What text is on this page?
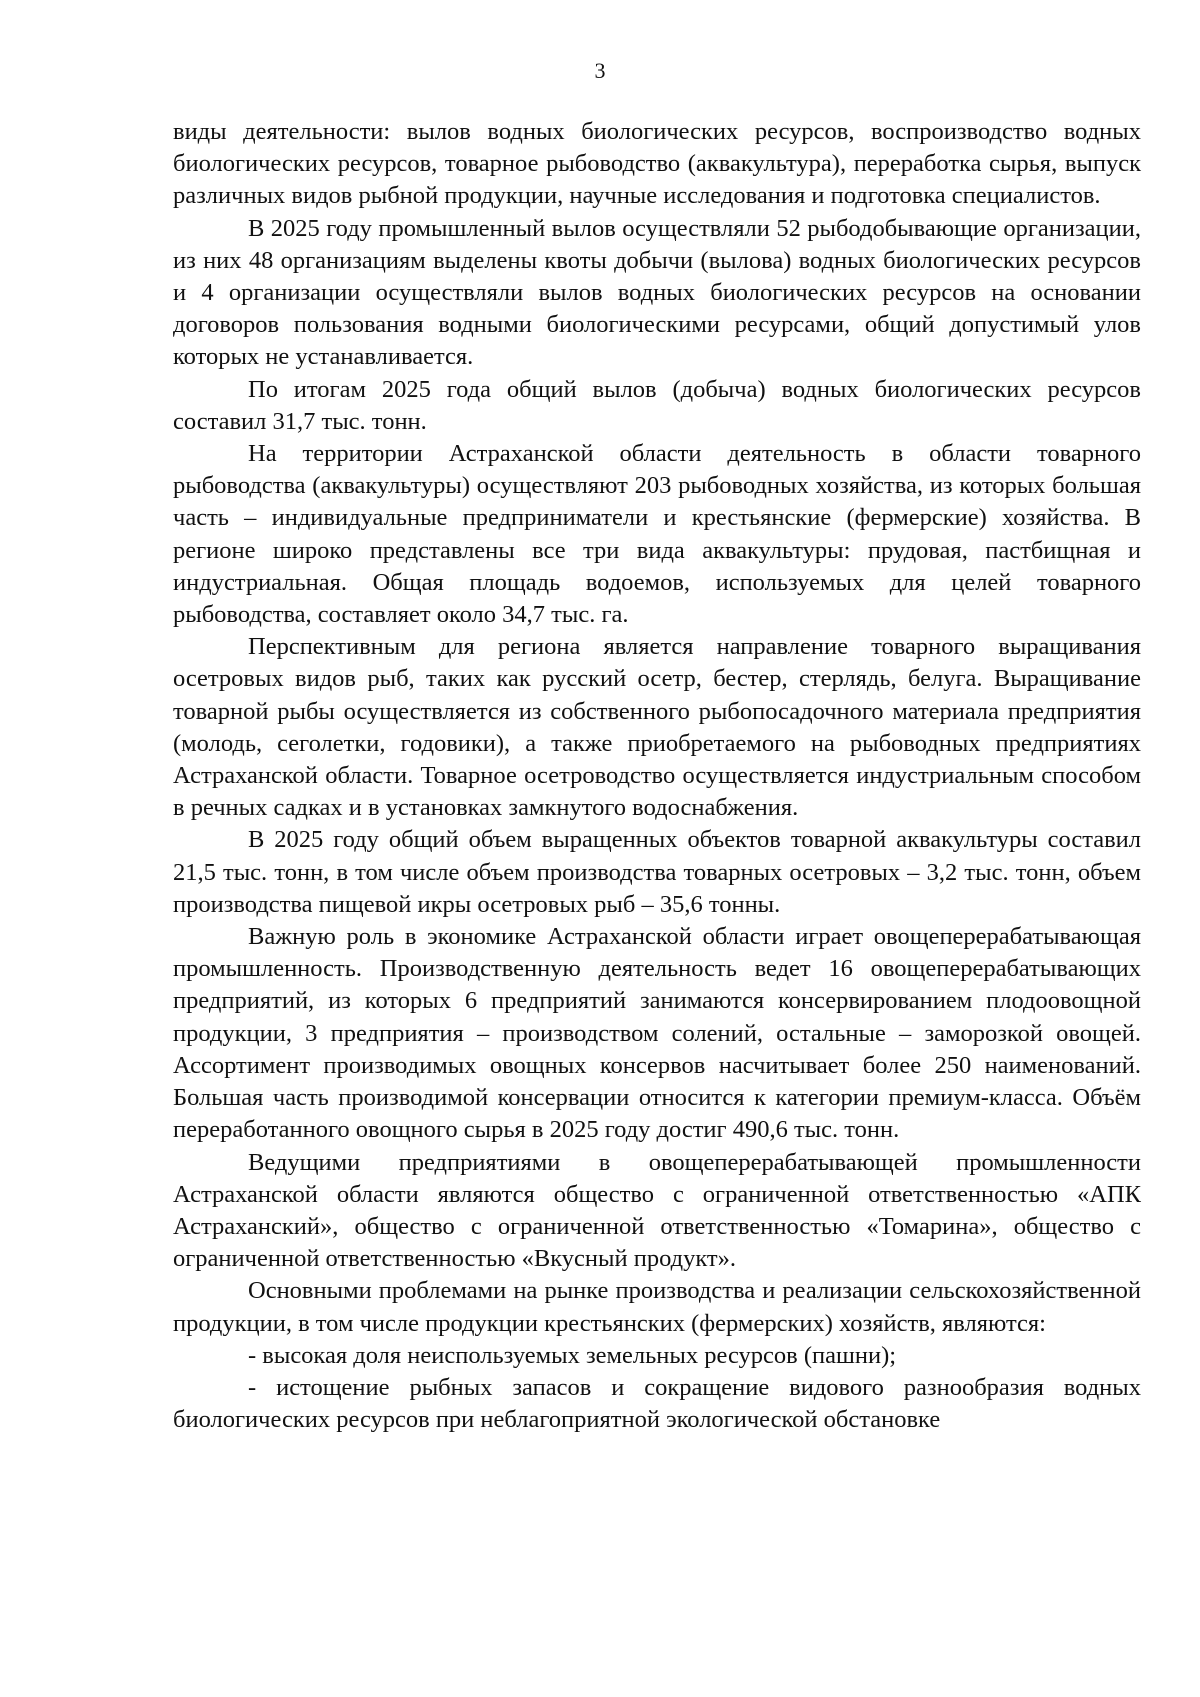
3

виды деятельности: вылов водных биологических ресурсов, воспроизводство водных биологических ресурсов, товарное рыбоводство (аквакультура), переработка сырья, выпуск различных видов рыбной продукции, научные исследования и подготовка специалистов.

В 2025 году промышленный вылов осуществляли 52 рыбодобывающие организации, из них 48 организациям выделены квоты добычи (вылова) водных биологических ресурсов и 4 организации осуществляли вылов водных биологических ресурсов на основании договоров пользования водными биологическими ресурсами, общий допустимый улов которых не устанавливается.

По итогам 2025 года общий вылов (добыча) водных биологических ресурсов составил 31,7 тыс. тонн.

На территории Астраханской области деятельность в области товарного рыбоводства (аквакультуры) осуществляют 203 рыбоводных хозяйства, из которых большая часть – индивидуальные предприниматели и крестьянские (фермерские) хозяйства. В регионе широко представлены все три вида аквакультуры: прудовая, пастбищная и индустриальная. Общая площадь водоемов, используемых для целей товарного рыбоводства, составляет около 34,7 тыс. га.

Перспективным для региона является направление товарного выращивания осетровых видов рыб, таких как русский осетр, бестер, стерлядь, белуга. Выращивание товарной рыбы осуществляется из собственного рыбопосадочного материала предприятия (молодь, сеголетки, годовики), а также приобретаемого на рыбоводных предприятиях Астраханской области. Товарное осетроводство осуществляется индустриальным способом в речных садках и в установках замкнутого водоснабжения.

В 2025 году общий объем выращенных объектов товарной аквакультуры составил 21,5 тыс. тонн, в том числе объем производства товарных осетровых – 3,2 тыс. тонн, объем производства пищевой икры осетровых рыб – 35,6 тонны.

Важную роль в экономике Астраханской области играет овощеперерабатывающая промышленность. Производственную деятельность ведет 16 овощеперерабатывающих предприятий, из которых 6 предприятий занимаются консервированием плодоовощной продукции, 3 предприятия – производством солений, остальные – заморозкой овощей. Ассортимент производимых овощных консервов насчитывает более 250 наименований. Большая часть производимой консервации относится к категории премиум-класса. Объём переработанного овощного сырья в 2025 году достиг 490,6 тыс. тонн.

Ведущими предприятиями в овощеперерабатывающей промышленности Астраханской области являются общество с ограниченной ответственностью «АПК Астраханский», общество с ограниченной ответственностью «Томарина», общество с ограниченной ответственностью «Вкусный продукт».

Основными проблемами на рынке производства и реализации сельскохозяйственной продукции, в том числе продукции крестьянских (фермерских) хозяйств, являются:

- высокая доля неиспользуемых земельных ресурсов (пашни);

- истощение рыбных запасов и сокращение видового разнообразия водных биологических ресурсов при неблагоприятной экологической обстановке
